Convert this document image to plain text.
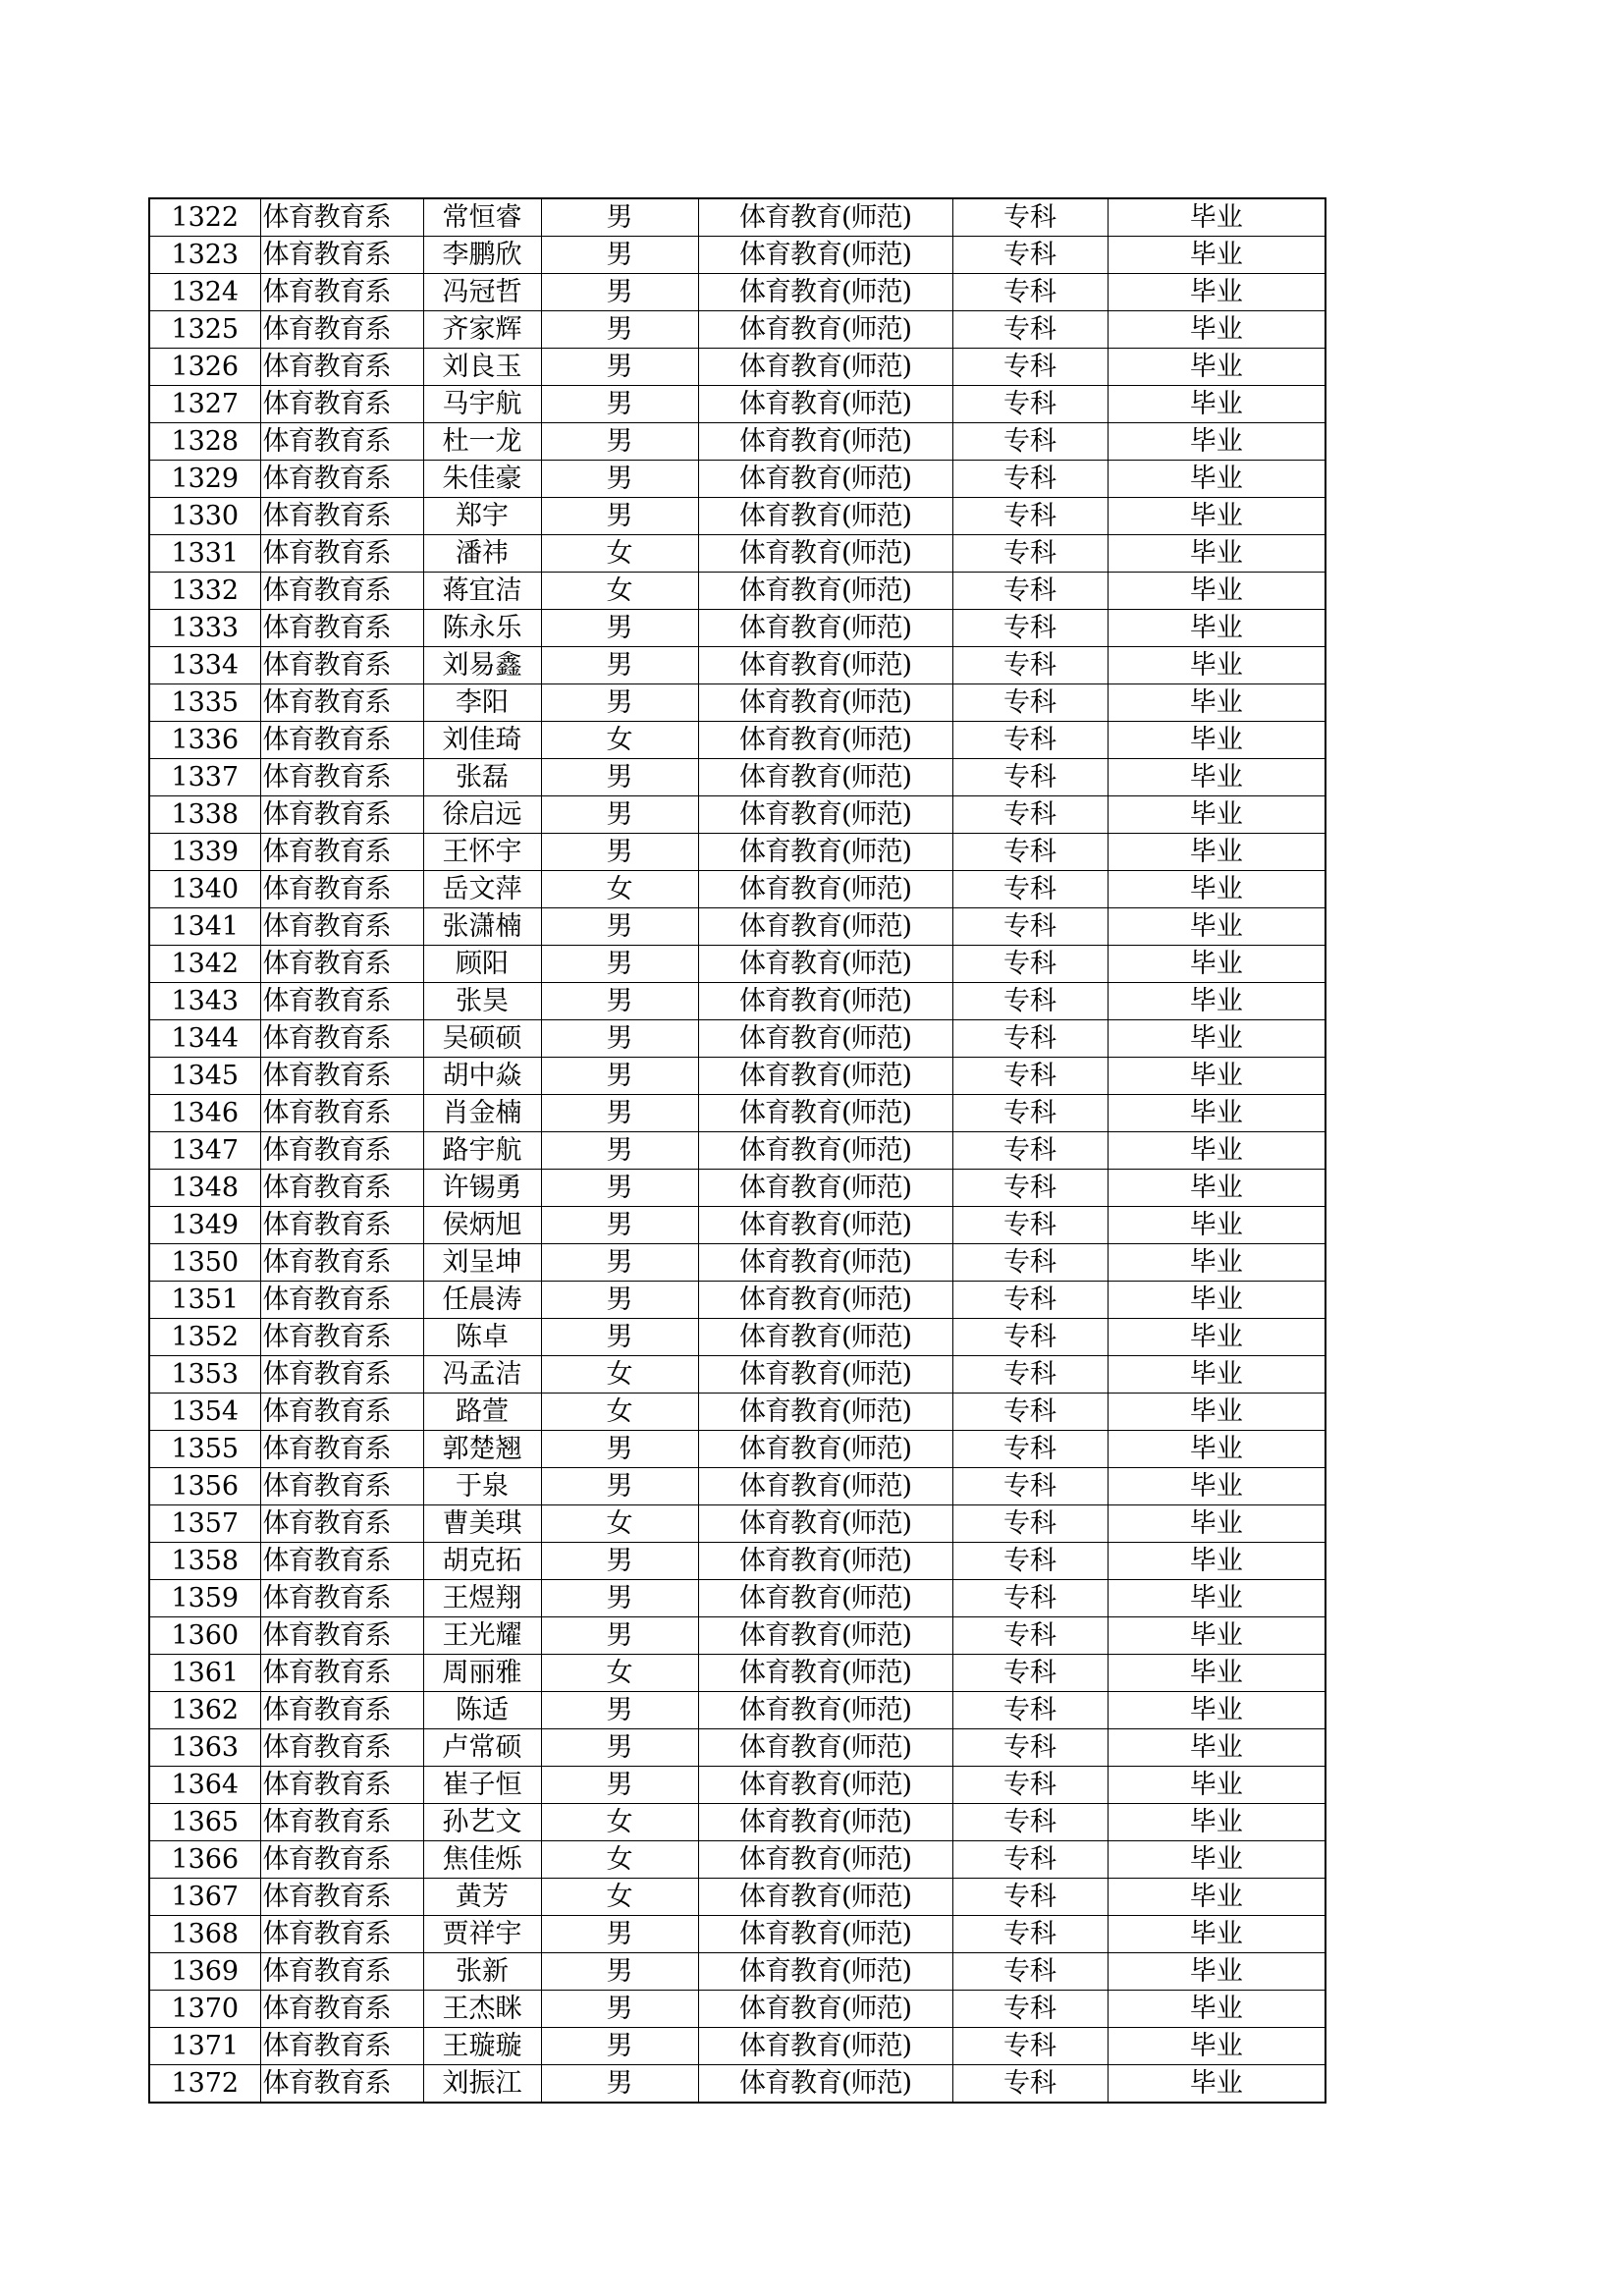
1322	体育教育系	常恒睿	男	体育教育(师范)	专科	毕业
1323	体育教育系	李鹏欣	男	体育教育(师范)	专科	毕业
1324	体育教育系	冯冠哲	男	体育教育(师范)	专科	毕业
1325	体育教育系	齐家辉	男	体育教育(师范)	专科	毕业
1326	体育教育系	刘良玉	男	体育教育(师范)	专科	毕业
1327	体育教育系	马宇航	男	体育教育(师范)	专科	毕业
1328	体育教育系	杜一龙	男	体育教育(师范)	专科	毕业
1329	体育教育系	朱佳豪	男	体育教育(师范)	专科	毕业
1330	体育教育系	郑宇	男	体育教育(师范)	专科	毕业
1331	体育教育系	潘祎	女	体育教育(师范)	专科	毕业
1332	体育教育系	蒋宜洁	女	体育教育(师范)	专科	毕业
1333	体育教育系	陈永乐	男	体育教育(师范)	专科	毕业
1334	体育教育系	刘易鑫	男	体育教育(师范)	专科	毕业
1335	体育教育系	李阳	男	体育教育(师范)	专科	毕业
1336	体育教育系	刘佳琦	女	体育教育(师范)	专科	毕业
1337	体育教育系	张磊	男	体育教育(师范)	专科	毕业
1338	体育教育系	徐启远	男	体育教育(师范)	专科	毕业
1339	体育教育系	王怀宇	男	体育教育(师范)	专科	毕业
1340	体育教育系	岳文萍	女	体育教育(师范)	专科	毕业
1341	体育教育系	张潇楠	男	体育教育(师范)	专科	毕业
1342	体育教育系	顾阳	男	体育教育(师范)	专科	毕业
1343	体育教育系	张昊	男	体育教育(师范)	专科	毕业
1344	体育教育系	吴硕硕	男	体育教育(师范)	专科	毕业
1345	体育教育系	胡中焱	男	体育教育(师范)	专科	毕业
1346	体育教育系	肖金楠	男	体育教育(师范)	专科	毕业
1347	体育教育系	路宇航	男	体育教育(师范)	专科	毕业
1348	体育教育系	许锡勇	男	体育教育(师范)	专科	毕业
1349	体育教育系	侯炳旭	男	体育教育(师范)	专科	毕业
1350	体育教育系	刘呈坤	男	体育教育(师范)	专科	毕业
1351	体育教育系	任晨涛	男	体育教育(师范)	专科	毕业
1352	体育教育系	陈卓	男	体育教育(师范)	专科	毕业
1353	体育教育系	冯孟洁	女	体育教育(师范)	专科	毕业
1354	体育教育系	路萱	女	体育教育(师范)	专科	毕业
1355	体育教育系	郭楚翘	男	体育教育(师范)	专科	毕业
1356	体育教育系	于泉	男	体育教育(师范)	专科	毕业
1357	体育教育系	曹美琪	女	体育教育(师范)	专科	毕业
1358	体育教育系	胡克拓	男	体育教育(师范)	专科	毕业
1359	体育教育系	王煜翔	男	体育教育(师范)	专科	毕业
1360	体育教育系	王光耀	男	体育教育(师范)	专科	毕业
1361	体育教育系	周丽雅	女	体育教育(师范)	专科	毕业
1362	体育教育系	陈适	男	体育教育(师范)	专科	毕业
1363	体育教育系	卢常硕	男	体育教育(师范)	专科	毕业
1364	体育教育系	崔子恒	男	体育教育(师范)	专科	毕业
1365	体育教育系	孙艺文	女	体育教育(师范)	专科	毕业
1366	体育教育系	焦佳烁	女	体育教育(师范)	专科	毕业
1367	体育教育系	黄芳	女	体育教育(师范)	专科	毕业
1368	体育教育系	贾祥宇	男	体育教育(师范)	专科	毕业
1369	体育教育系	张新	男	体育教育(师范)	专科	毕业
1370	体育教育系	王杰眯	男	体育教育(师范)	专科	毕业
1371	体育教育系	王璇璇	男	体育教育(师范)	专科	毕业
1372	体育教育系	刘振江	男	体育教育(师范)	专科	毕业
